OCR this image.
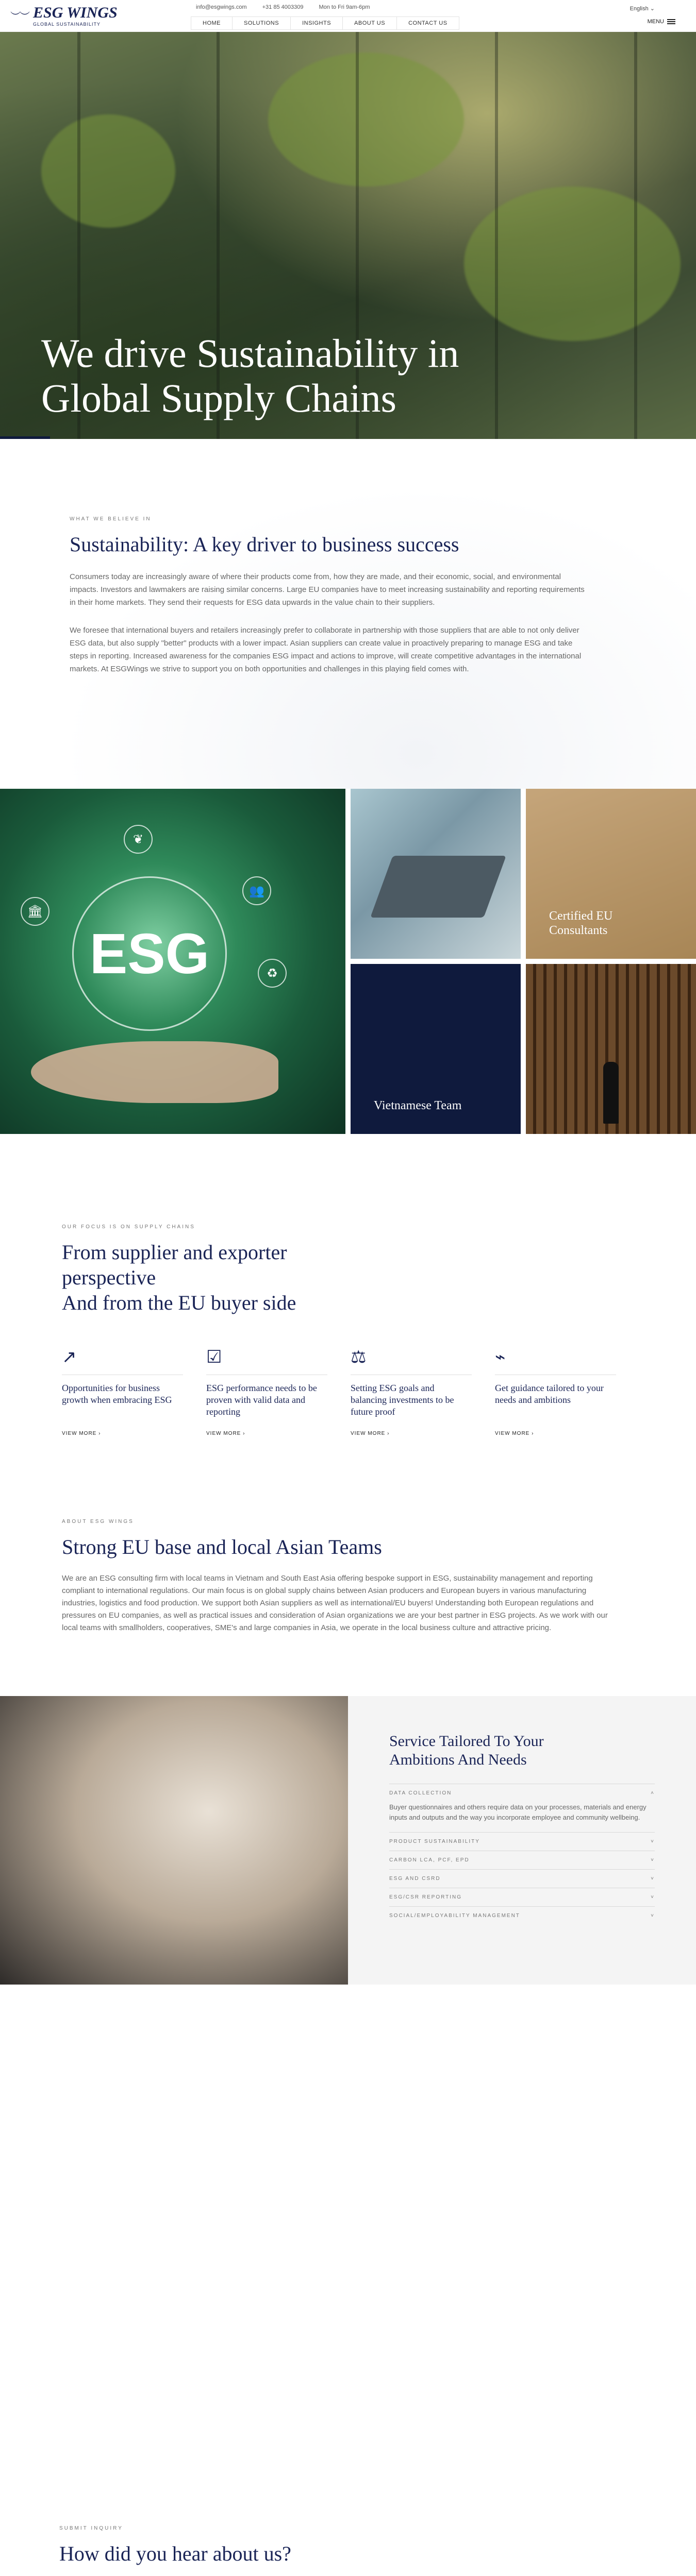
︶︶ ESG WINGS
GLOBAL SUSTAINABILITY
info@esgwings.com	+31 85 4003309	Mon to Fri 9am-6pm
HOME	SOLUTIONS	INSIGHTS	ABOUT US	CONTACT US
English ⌄
MENU
We drive Sustainability in
Global Supply Chains
WHAT WE BELIEVE IN
Sustainability: A key driver to business success

Consumers today are increasingly aware of where their products come from, how they are made, and their economic, social, and environmental impacts. Investors and lawmakers are raising similar concerns. Large EU companies have to meet increasing sustainability and reporting requirements in their home markets. They send their requests for ESG data upwards in the value chain to their suppliers.

We foresee that international buyers and retailers increasingly prefer to collaborate in partnership with those suppliers that are able to not only deliver ESG data, but also supply "better" products with a lower impact. Asian suppliers can create value in proactively preparing to manage ESG and take steps in reporting. Increased awareness for the companies ESG impact and actions to improve, will create competitive advantages in the international markets. At ESGWings we strive to support you on both opportunities and challenges in this playing field comes with.

ESG
🏛
❦
👥
♻
Certified EU
Consultants
Vietnamese Team
OUR FOCUS IS ON SUPPLY CHAINS
From supplier and exporter
perspective
And from the EU buyer side
↗
Opportunities for business growth when embracing ESG
VIEW MORE ›
☑
ESG performance needs to be proven with valid data and reporting
VIEW MORE ›
⚖
Setting ESG goals and balancing investments to be future proof
VIEW MORE ›
⌁
Get guidance tailored to your needs and ambitions
VIEW MORE ›
ABOUT ESG WINGS
Strong EU base and local Asian Teams

We are an ESG consulting firm with local teams in Vietnam and South East Asia offering bespoke support in ESG, sustainability management and reporting compliant to international regulations. Our main focus is on global supply chains between Asian producers and European buyers in various manufacturing industries, logistics and food production. We support both Asian suppliers as well as international/EU buyers! Understanding both European regulations and pressures on EU companies, as well as practical issues and consideration of Asian organizations we are your best partner in ESG projects. As we work with our local teams with smallholders, cooperatives, SME's and large companies in Asia, we operate in the local business culture and attractive pricing.

Service Tailored To Your
Ambitions And Needs
DATA COLLECTION	˄
Buyer questionnaires and others require data on your processes, materials and energy inputs and outputs and the way you incorporate employee and community wellbeing.
PRODUCT SUSTAINABILITY	˅
CARBON LCA, PCF, EPD	˅
ESG AND CSRD	˅
ESG/CSR REPORTING	˅
SOCIAL/EMPLOYABILITY MANAGEMENT	˅
SUBMIT INQUIRY
How did you hear about us?
